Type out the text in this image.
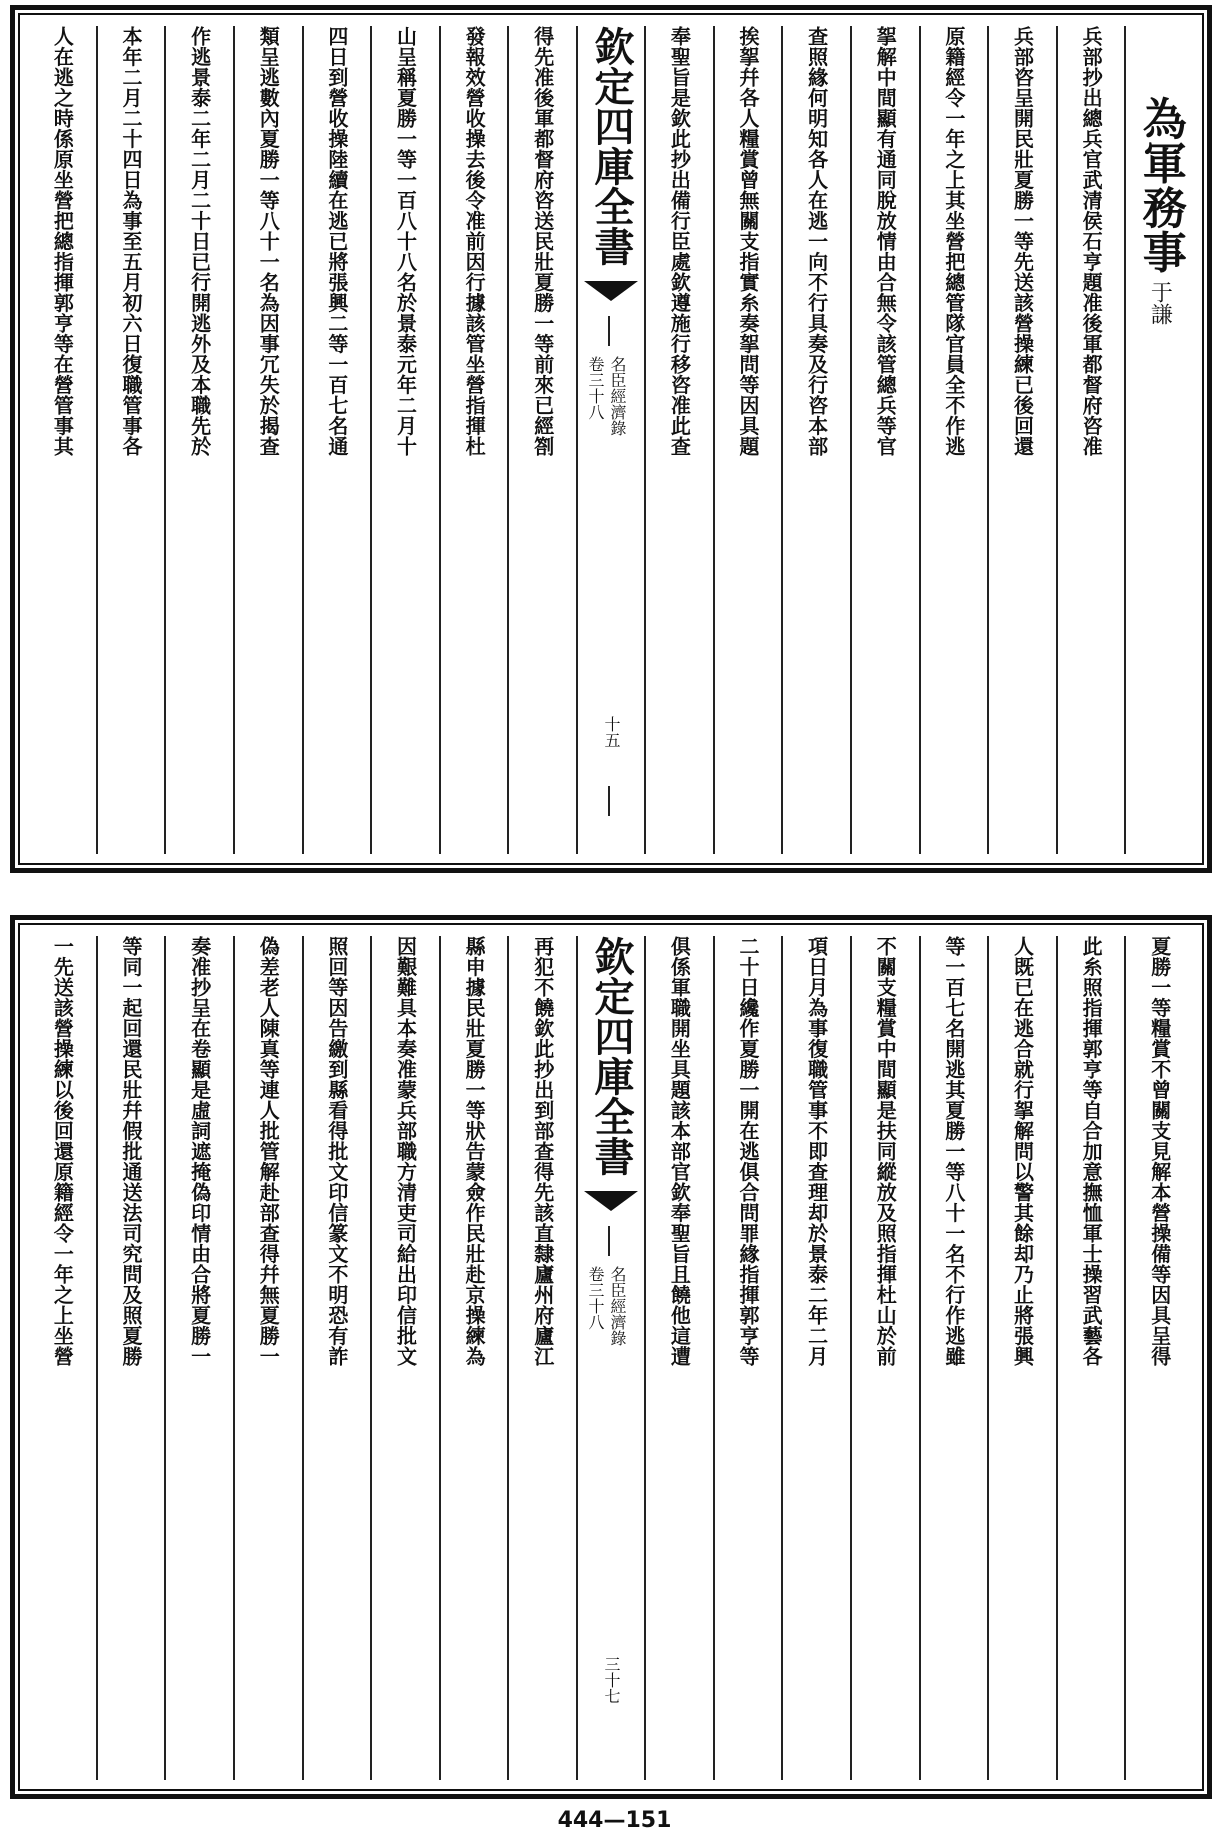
為軍務事
于謙
兵部抄出總兵官武清侯石亨題准後軍都督府咨准
兵部咨呈開民壯夏勝一等先送該營操練已後回還
原籍經令一年之上其坐營把總管隊官員全不作逃
挐解中間顯有通同脫放情由合無令該管總兵等官
查照緣何明知各人在逃一向不行具奏及行咨本部
挨挐幷各人糧賞曾無關支指實糸奏挐問等因具題
奉聖旨是欽此抄出備行臣處欽遵施行移咨准此查
欽定四庫全書
名臣經濟錄
卷三十八
十五
得先准後軍都督府咨送民壯夏勝一等前來已經劄
發報效營收操去後令准前因行據該管坐營指揮杜
山呈稱夏勝一等一百八十八名於景泰元年二月十
四日到營收操陸續在逃已將張興二等一百七名通
類呈逃數內夏勝一等八十一名為因事冗失於揭查
作逃景泰二年二月二十日已行開逃外及本職先於
本年二月二十四日為事至五月初六日復職管事各
人在逃之時係原坐營把總指揮郭亨等在營管事其
夏勝一等糧賞不曾關支見解本營操備等因具呈得
此糸照指揮郭亨等自合加意撫恤軍士操習武藝各
人既已在逃合就行挐解問以警其餘却乃止將張興
等一百七名開逃其夏勝一等八十一名不行作逃雖
不關支糧賞中間顯是扶同縱放及照指揮杜山於前
項日月為事復職管事不即查理却於景泰二年二月
二十日纔作夏勝一開在逃俱合問罪緣指揮郭亨等
俱係軍職開坐具題該本部官欽奉聖旨且饒他這遭
欽定四庫全書
名臣經濟錄
卷三十八
三十七
再犯不饒欽此抄出到部查得先該直隸廬州府廬江
縣申據民壯夏勝一等狀告蒙僉作民壯赴京操練為
因艱難具本奏准蒙兵部職方清吏司給出印信批文
照回等因告繳到縣看得批文印信篆文不明恐有詐
偽差老人陳真等連人批管解赴部查得幷無夏勝一
奏准抄呈在卷顯是虛詞遮掩偽印情由合將夏勝一
等同一起回還民壯幷假批通送法司究問及照夏勝
一先送該營操練以後回還原籍經令一年之上坐營
444—151
